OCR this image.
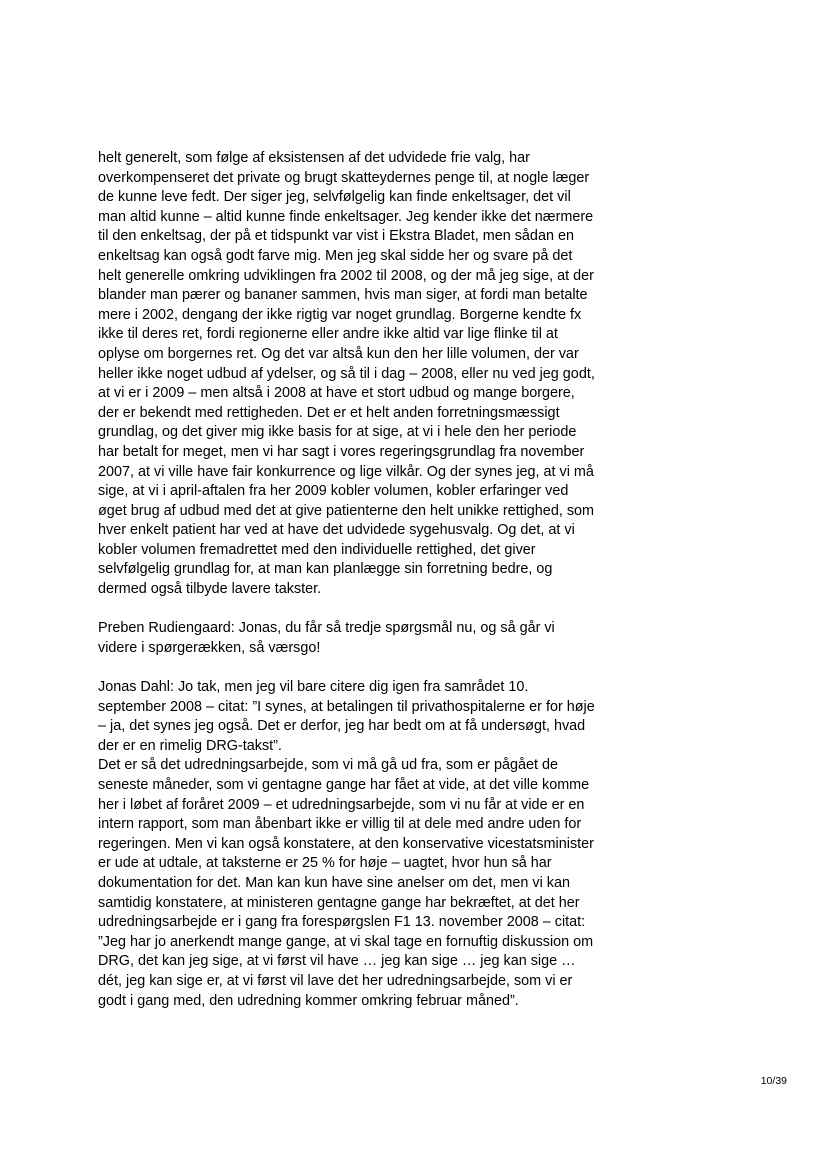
helt generelt, som følge af eksistensen af det udvidede frie valg, har
overkompenseret det private og brugt skatteydernes penge til, at nogle læger
de kunne leve fedt. Der siger jeg, selvfølgelig kan finde enkeltsager, det vil
man altid kunne – altid kunne finde enkeltsager. Jeg kender ikke det nærmere
til den enkeltsag, der på et tidspunkt var vist i Ekstra Bladet, men sådan en
enkeltsag kan også godt farve mig. Men jeg skal sidde her og svare på det
helt generelle omkring udviklingen fra 2002 til 2008, og der må jeg sige, at der
blander man pærer og bananer sammen, hvis man siger, at fordi man betalte
mere i 2002, dengang der ikke rigtig var noget grundlag. Borgerne kendte fx
ikke til deres ret, fordi regionerne eller andre ikke altid var lige flinke til at
oplyse om borgernes ret. Og det var altså kun den her lille volumen, der var
heller ikke noget udbud af ydelser, og så til i dag – 2008, eller nu ved jeg godt,
at vi er i 2009 – men altså i 2008 at have et stort udbud og mange borgere,
der er bekendt med rettigheden. Det er et helt anden forretningsmæssigt
grundlag, og det giver mig ikke basis for at sige, at vi i hele den her periode
har betalt for meget, men vi har sagt i vores regeringsgrundlag fra november
2007, at vi ville have fair konkurrence og lige vilkår. Og der synes jeg, at vi må
sige, at vi i april-aftalen fra her 2009 kobler volumen, kobler erfaringer ved
øget brug af udbud med det at give patienterne den helt unikke rettighed, som
hver enkelt patient har ved at have det udvidede sygehusvalg. Og det, at vi
kobler volumen fremadrettet med den individuelle rettighed, det giver
selvfølgelig grundlag for, at man kan planlægge sin forretning bedre, og
dermed også tilbyde lavere takster.
Preben Rudiengaard: Jonas, du får så tredje spørgsmål nu, og så går vi
videre i spørgerækken, så værsgo!
Jonas Dahl: Jo tak, men jeg vil bare citere dig igen fra samrådet 10.
september 2008 – citat: ”I synes, at betalingen til privathospitalerne er for høje
– ja, det synes jeg også. Det er derfor, jeg har bedt om at få undersøgt, hvad
der er en rimelig DRG-takst”.
Det er så det udredningsarbejde, som vi må gå ud fra, som er pågået de
seneste måneder, som vi gentagne gange har fået at vide, at det ville komme
her i løbet af foråret 2009 – et udredningsarbejde, som vi nu får at vide er en
intern rapport, som man åbenbart ikke er villig til at dele med andre uden for
regeringen. Men vi kan også konstatere, at den konservative vicestatsminister
er ude at udtale, at taksterne er 25 % for høje – uagtet, hvor hun så har
dokumentation for det. Man kan kun have sine anelser om det, men vi kan
samtidig konstatere, at ministeren gentagne gange har bekræftet, at det her
udredningsarbejde er i gang fra forespørgslen F1 13. november 2008 – citat:
”Jeg har jo anerkendt mange gange, at vi skal tage en fornuftig diskussion om
DRG, det kan jeg sige, at vi først vil have … jeg kan sige … jeg kan sige …
dét, jeg kan sige er, at vi først vil lave det her udredningsarbejde, som vi er
godt i gang med, den udredning kommer omkring februar måned”.
10/39
